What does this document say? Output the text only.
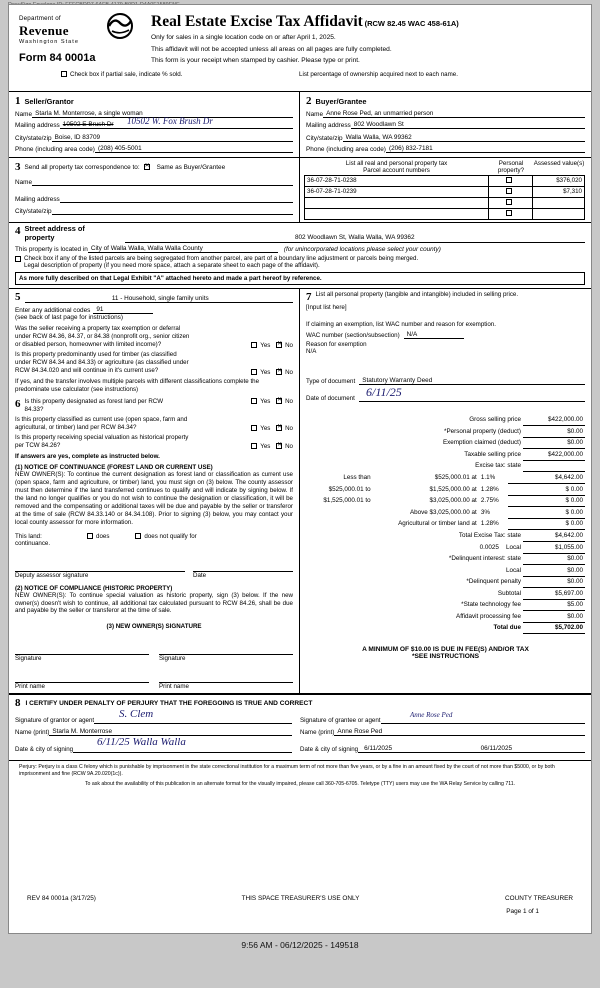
Department of
Revenue
Washington State
Form 84 0001a
Real Estate Excise Tax Affidavit (RCW 82.45 WAC 458-61A)

Only for sales in a single location code on or after April 1, 2025.

This affidavit will not be accepted unless all areas on all pages are fully completed.

This form is your receipt when stamped by cashier. Please type or print.

Check box if partial sale, indicate % sold.	List percentage of ownership acquired next to each name.
1 Seller/Grantor
Name Starla M. Monterrose, a single woman
Mailing address 10502 E Brush Dr	10502 W. Fox Brush Dr
City/state/zip Boise, ID 83709
Phone (including area code) (208) 405-5001
2 Buyer/Grantee
Name Anne Rose Ped, an unmarried person
Mailing address 802 Woodlawn St
City/state/zip Walla Walla, WA 99362
Phone (including area code) (206) 832-7181
3 Send all property tax correspondence to: ✕	Same as Buyer/Grantee
Name

Mailing address

City/state/zip

List all real and personal property tax
Parcel account numbers
Personal property?
Assessed value(s)
36-07-28-71-0238		$376,020
36-07-28-71-0239		$7,310

4 Street address of
property	802 Woodlawn St, Walla Walla, WA 99362
This property is located in City of Walla Walla, Walla Walla County	(for unincorporated locations please select your county)
Check box if any of the listed parcels are being segregated from another parcel, are part of a boundary line adjustment or parcels being merged.
Legal description of property (if you need more space, attach a separate sheet to each page of the affidavit).
As more fully described on that Legal Exhibit "A" attached hereto and made a part hereof by reference.
5	11 - Household, single family units
Enter any additional codes 91
(see back of last page for instructions)
Was the seller receiving a property tax exemption or deferral under RCW 84.36, 84.37, or 84.38 (nonprofit org., senior citizen or disabled person, homeowner with limited income)?	Yes ✕No
Is this property predominantly used for timber (as classified under RCW 84.34 and 84.33) or agriculture (as classified under RCW 84.34.020 and will continue in it's current use?	Yes ✕No
If yes, and the transfer involves multiple parcels with different classifications complete the predominate use calculator (see instructions)
6 Is this property designated as forest land per RCW 84.33?
Yes ✕No
Is this property classified as current use (open space, farm and agricultural, or timber) land per RCW 84.34?	Yes ✕No
Is this property receiving special valuation as historical property per TCW 84.26?	Yes ✕No
If answers are yes, complete as instructed below.
(1) NOTICE OF CONTINUANCE (FOREST LAND OR CURRENT USE)
NEW OWNER(S): To continue the current designation as forest land or classification as current use (open space, farm and agriculture, or timber) land, you must sign on (3) below. The county assessor must then determine if the land transferred continues to qualify and will indicate by signing below. If the land no longer qualifies or you do not wish to continue the designation or classification, it will be removed and the compensating or additional taxes will be due and payable by the seller or transferor at the time of sale (RCW 84.33.140 or 84.34.108). Prior to signing (3) below, you may contact your local county assessor for more information.
This land:	does	does not qualify for
continuance.
Deputy assessor signature	Date
(2) NOTICE OF COMPLIANCE (HISTORIC PROPERTY)
NEW OWNER(S): To continue special valuation as historic property, sign (3) below. If the new owner(s) doesn't wish to continue, all additional tax calculated pursuant to RCW 84.26, shall be due and payable by the seller or transferor at the time of sale.
(3) NEW OWNER(S) SIGNATURE
Signature	Signature
Print name	Print name
7 List all personal property (tangible and intangible) included in selling price.
[Input list here]
If claiming an exemption, list WAC number and reason for exemption.
WAC number (section/subsection)	N/A
Reason for exemption
N/A
Type of document	Statutory Warranty Deed
Date of document 6/11/25
Gross selling price	$422,000.00
*Personal property (deduct)	$0.00
Exemption claimed (deduct)	$0.00
Taxable selling price	$422,000.00
Excise tax: state	
Less than	$525,000.01 at	1.1%	$4,642.00
$525,000.01 to	$1,525,000.00 at	1.28%	$ 0.00
$1,525,000.01 to	$3,025,000.00 at	2.75%	$ 0.00
	Above $3,025,000.00 at	3%	$ 0.00
	Agricultural or timber land at	1.28%	$ 0.00
Total Excise Tax: state	$4,642.00
0.0025 Local	$1,055.00
*Delinquent interest: state	$0.00
Local	$0.00
*Delinquent penalty	$0.00
Subtotal	$5,697.00
*State technology fee	$5.00
Affidavit processing fee	$0.00
Total due	$5,702.00
A MINIMUM OF $10.00 IS DUE IN FEE(S) AND/OR TAX
*SEE INSTRUCTIONS
8 I CERTIFY UNDER PENALTY OF PERJURY THAT THE FOREGOING IS TRUE AND CORRECT
Signature of grantor or agent
S. Clem
Signature of grantee or agent
Anne Rose Ped
Name (print) Starla M. Monterrose	Name (print) Anne Rose Ped
Date & city of signing
6/11/25 Walla Walla
Date & city of signing 6/11/2025	06/11/2025
Perjury: Perjury is a class C felony which is punishable by imprisonment in the state correctional institution for a maximum term of not more than five years, or by a fine in an amount fixed by the court of not more than $5000, or by both imprisonment and fine (RCW 9A.20.020(1c)).
To ask about the availability of this publication in an alternate format for the visually impaired, please call 360-705-6705. Teletype (TTY) users may use the WA Relay Service by calling 711.
REV 84 0001a (3/17/25)	THIS SPACE TREASURER'S USE ONLY	COUNTY TREASURER
Page 1 of 1
9:56 AM - 06/12/2025 - 149518
